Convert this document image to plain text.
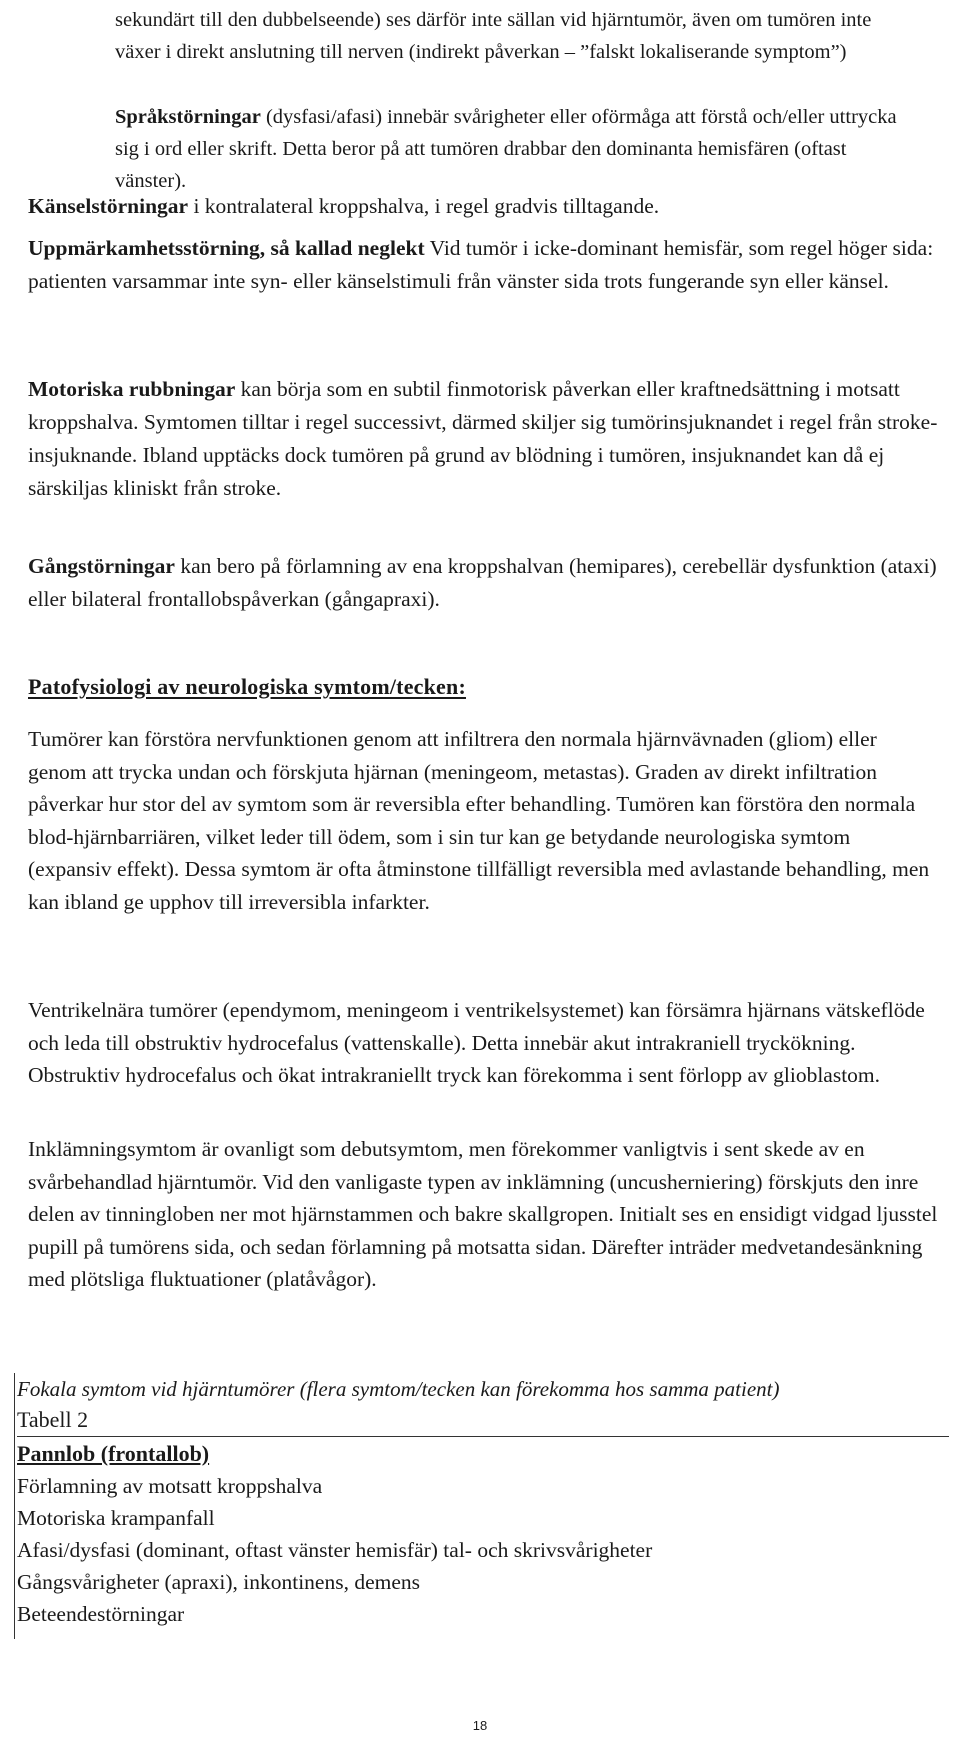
sekundärt till den dubbelseende) ses därför inte sällan vid hjärntumör, även om tumören inte växer i direkt anslutning till nerven (indirekt påverkan – ”falskt lokaliserande symptom”)

Språkstörningar (dysfasi/afasi) innebär svårigheter eller oförmåga att förstå och/eller uttrycka sig i ord eller skrift. Detta beror på att tumören drabbar den dominanta hemisfären (oftast vänster).

Känselstörningar i kontralateral kroppshalva, i regel gradvis tilltagande.

Uppmärkamhetsstörning, så kallad neglekt Vid tumör i icke-dominant hemisfär, som regel höger sida: patienten varsammar inte syn- eller känselstimuli från vänster sida trots fungerande syn eller känsel.

Motoriska rubbningar kan börja som en subtil finmotorisk påverkan eller kraftnedsättning i motsatt kroppshalva. Symtomen tilltar i regel successivt, därmed skiljer sig tumörinsjuknandet i regel från stroke-insjuknande. Ibland upptäcks dock tumören på grund av blödning i tumören, insjuknandet kan då ej särskiljas kliniskt från stroke.

Gångstörningar kan bero på förlamning av ena kroppshalvan (hemipares), cerebellär dysfunktion (ataxi) eller bilateral frontallobspåverkan (gångapraxi).

Patofysiologi av neurologiska symtom/tecken:

Tumörer kan förstöra nervfunktionen genom att infiltrera den normala hjärnvävnaden (gliom) eller genom att trycka undan och förskjuta hjärnan (meningeom, metastas). Graden av direkt infiltration påverkar hur stor del av symtom som är reversibla efter behandling. Tumören kan förstöra den normala blod-hjärnbarriären, vilket leder till ödem, som i sin tur kan ge betydande neurologiska symtom (expansiv effekt). Dessa symtom är ofta åtminstone tillfälligt reversibla med avlastande behandling, men kan ibland ge upphov till irreversibla infarkter.

Ventrikelnära tumörer (ependymom, meningeom i ventrikelsystemet) kan försämra hjärnans vätskeflöde och leda till obstruktiv hydrocefalus (vattenskalle). Detta innebär akut intrakraniell tryckökning. Obstruktiv hydrocefalus och ökat intrakraniellt tryck kan förekomma i sent förlopp av glioblastom.

Inklämningsymtom är ovanligt som debutsymtom, men förekommer vanligtvis i sent skede av en svårbehandlad hjärntumör. Vid den vanligaste typen av inklämning (uncusherniering) förskjuts den inre delen av tinningloben ner mot hjärnstammen och bakre skallgropen. Initialt ses en ensidigt vidgad ljusstel pupill på tumörens sida, och sedan förlamning på motsatta sidan. Därefter inträder medvetandesänkning med plötsliga fluktuationer (platåvågor).

Fokala symtom vid hjärntumörer (flera symtom/tecken kan förekomma hos samma patient)
Tabell 2
Pannlob (frontallob)
Förlamning av motsatt kroppshalva
Motoriska krampanfall
Afasi/dysfasi (dominant, oftast vänster hemisfär) tal- och skrivsvårigheter
Gångsvårigheter (apraxi), inkontinens, demens
Beteendestörningar
18
